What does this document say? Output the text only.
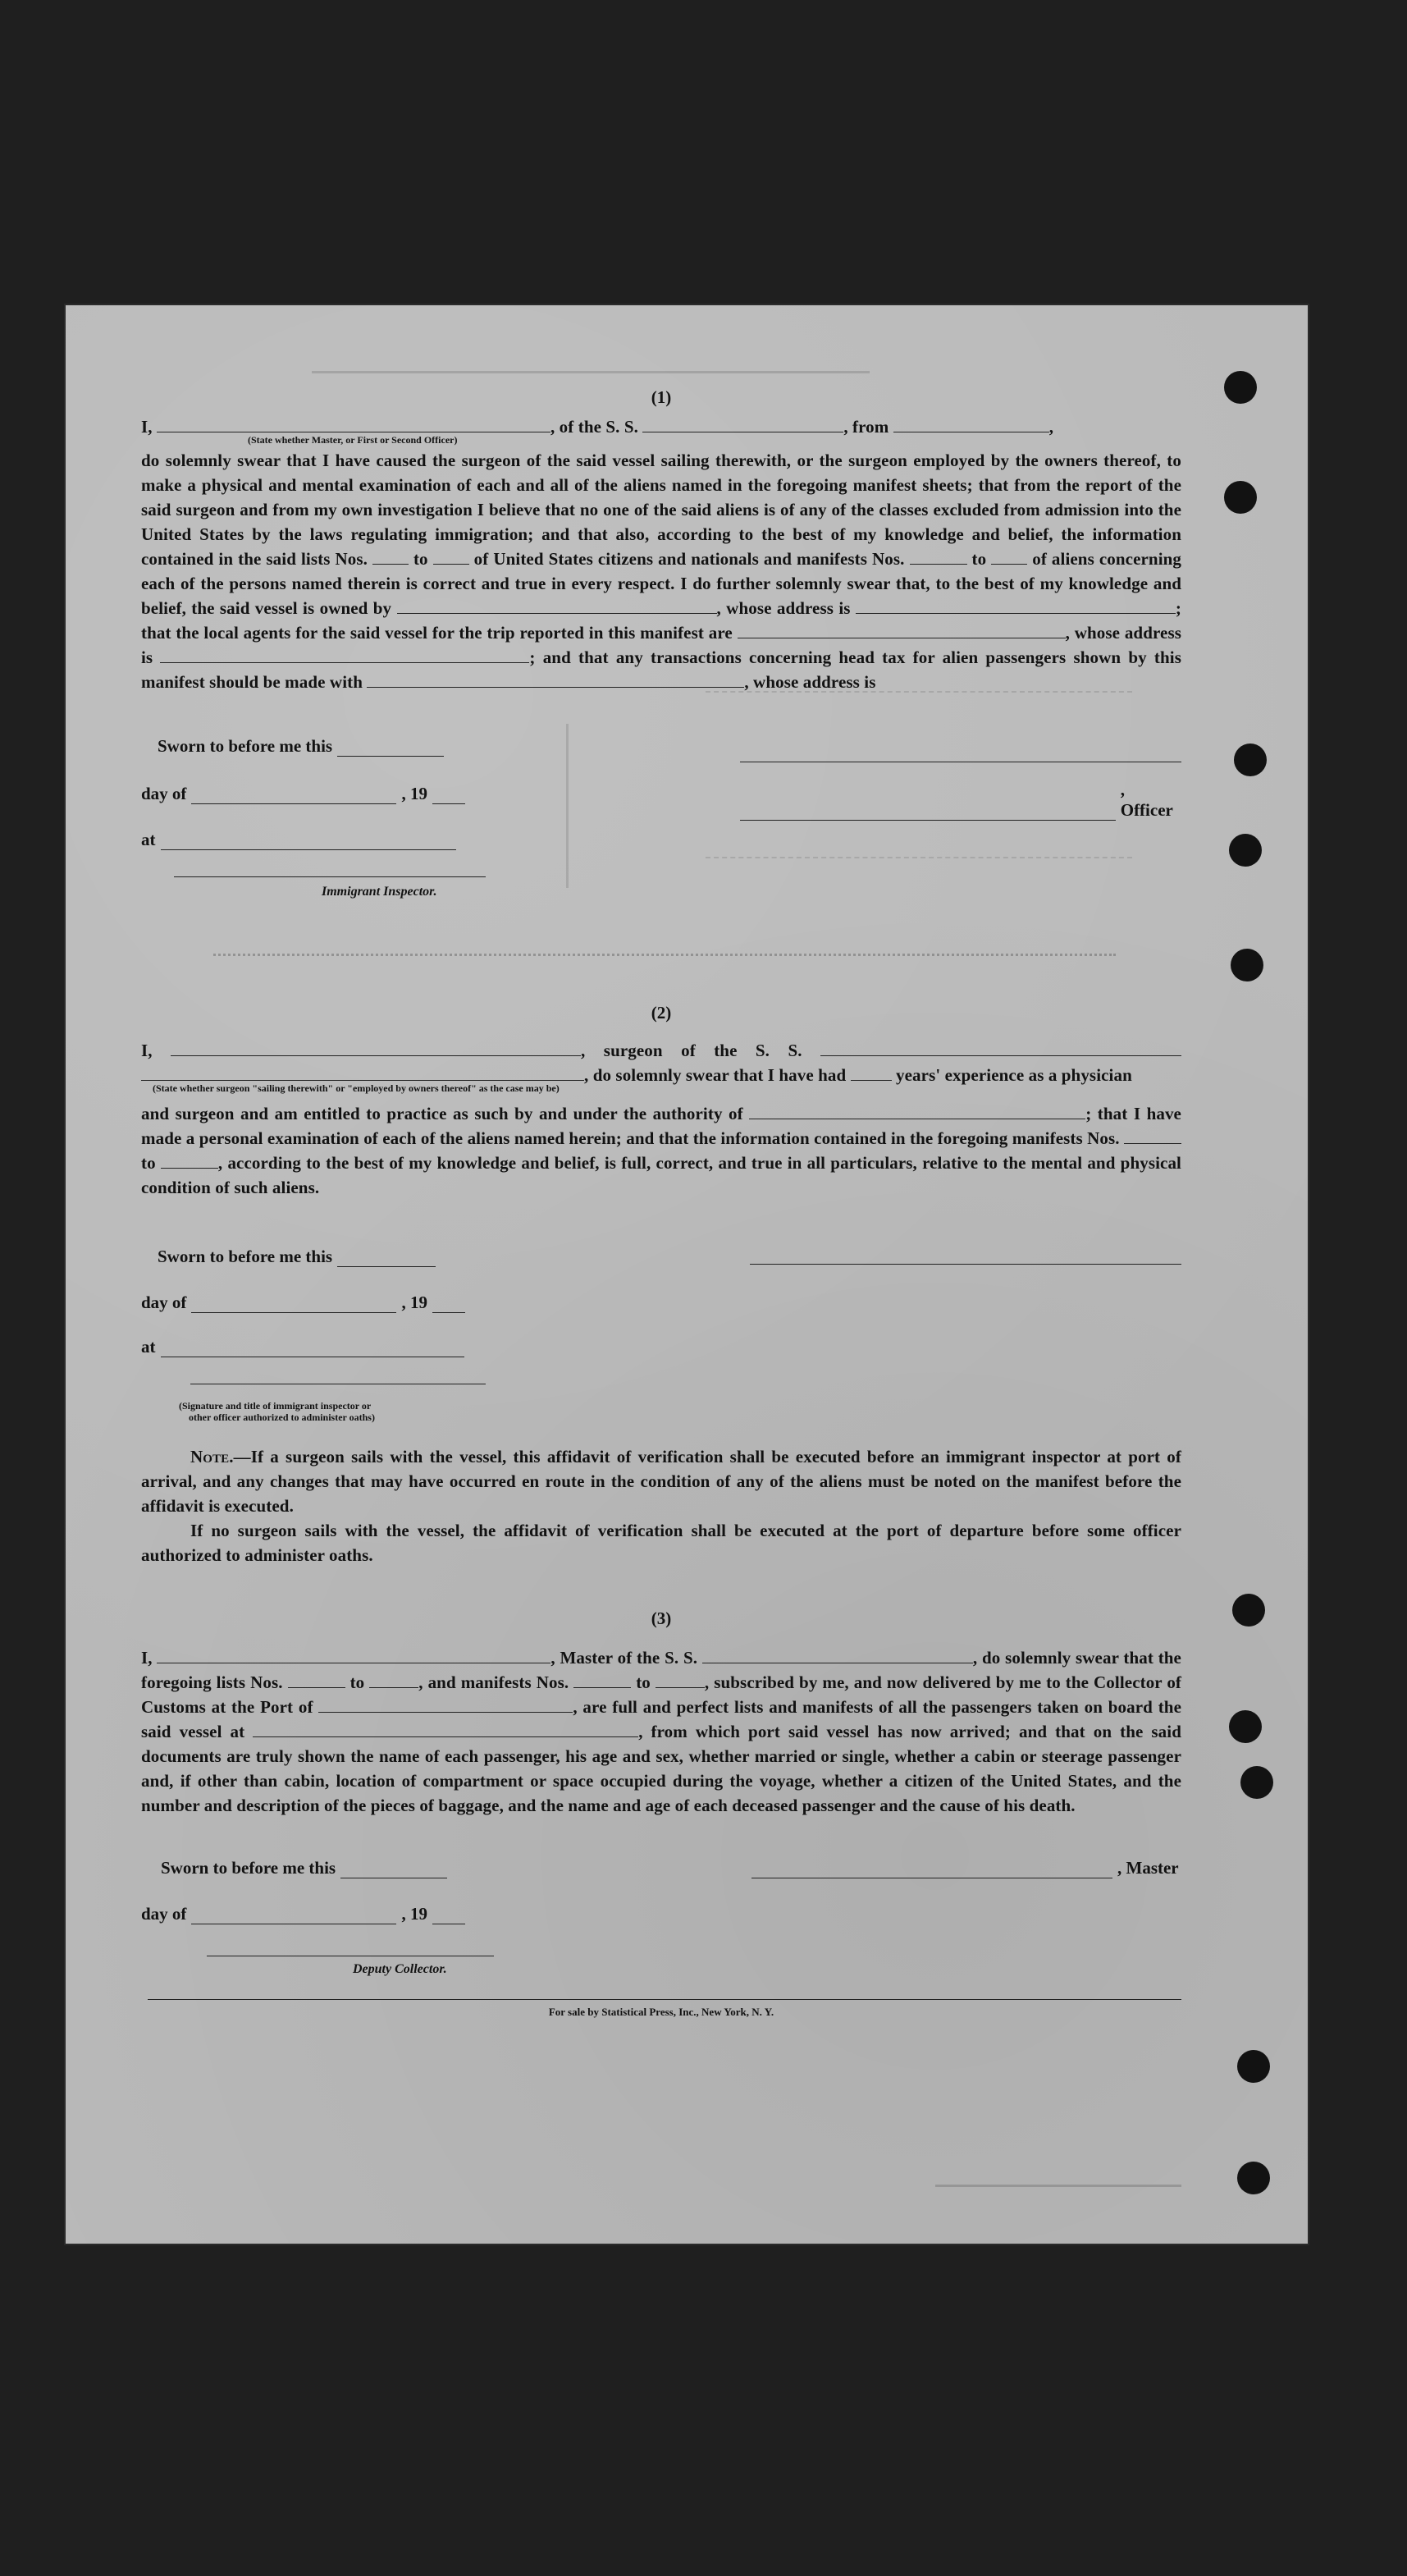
(1)

I,	, of the S. S.	, from	,

(State whether Master, or First or Second Officer)

do solemnly swear that I have caused the surgeon of the said vessel sailing therewith, or the surgeon employed by the owners thereof, to make a physical and mental examination of each and all of the aliens named in the foregoing manifest sheets; that from the report of the said surgeon and from my own investigation I believe that no one of the said aliens is of any of the classes excluded from admission into the United States by the laws regulating immigration; and that also, according to the best of my knowledge and belief, the information contained in the said lists Nos.	to	of United States citizens and nationals and manifests Nos.	to	of aliens concerning each of the persons named therein is correct and true in every respect. I do further solemnly swear that, to the best of my knowledge and belief, the said vessel is owned by	, whose address is	; that the local agents for the said vessel for the trip reported in this manifest are	, whose address is	; and that any transactions concerning head tax for alien passengers shown by this manifest should be made with	, whose address is

Sworn to before me this
day of	, 19
at
Immigrant Inspector.
, Officer
(2)

I,	, surgeon of the S. S.  , do solemnly swear that I have had	years' experience as a physician

(State whether surgeon "sailing therewith" or "employed by owners thereof" as the case may be)

and surgeon and am entitled to practice as such by and under the authority of	; that I have made a personal examination of each of the aliens named herein; and that the information contained in the foregoing manifests Nos.  to	, according to the best of my knowledge and belief, is full, correct, and true in all particulars, relative to the mental and physical condition of such aliens.

Sworn to before me this
day of	, 19
at
(Signature and title of immigrant inspector or
other officer authorized to administer oaths)

Note.—If a surgeon sails with the vessel, this affidavit of verification shall be executed before an immigrant inspector at port of arrival, and any changes that may have occurred en route in the condition of any of the aliens must be noted on the manifest before the affidavit is executed.

If no surgeon sails with the vessel, the affidavit of verification shall be executed at the port of departure before some officer authorized to administer oaths.

(3)

I,	, Master of the S. S.	, do solemnly swear that the foregoing lists Nos.	to	, and manifests Nos.	to	, subscribed by me, and now delivered by me to the Collector of Customs at the Port of	, are full and perfect lists and manifests of all the passengers taken on board the said vessel at	, from which port said vessel has now arrived; and that on the said documents are truly shown the name of each passenger, his age and sex, whether married or single, whether a cabin or steerage passenger and, if other than cabin, location of compartment or space occupied during the voyage, whether a citizen of the United States, and the number and description of the pieces of baggage, and the name and age of each deceased passenger and the cause of his death.

Sworn to before me this	, Master
day of	, 19
Deputy Collector.
For sale by Statistical Press, Inc., New York, N. Y.
